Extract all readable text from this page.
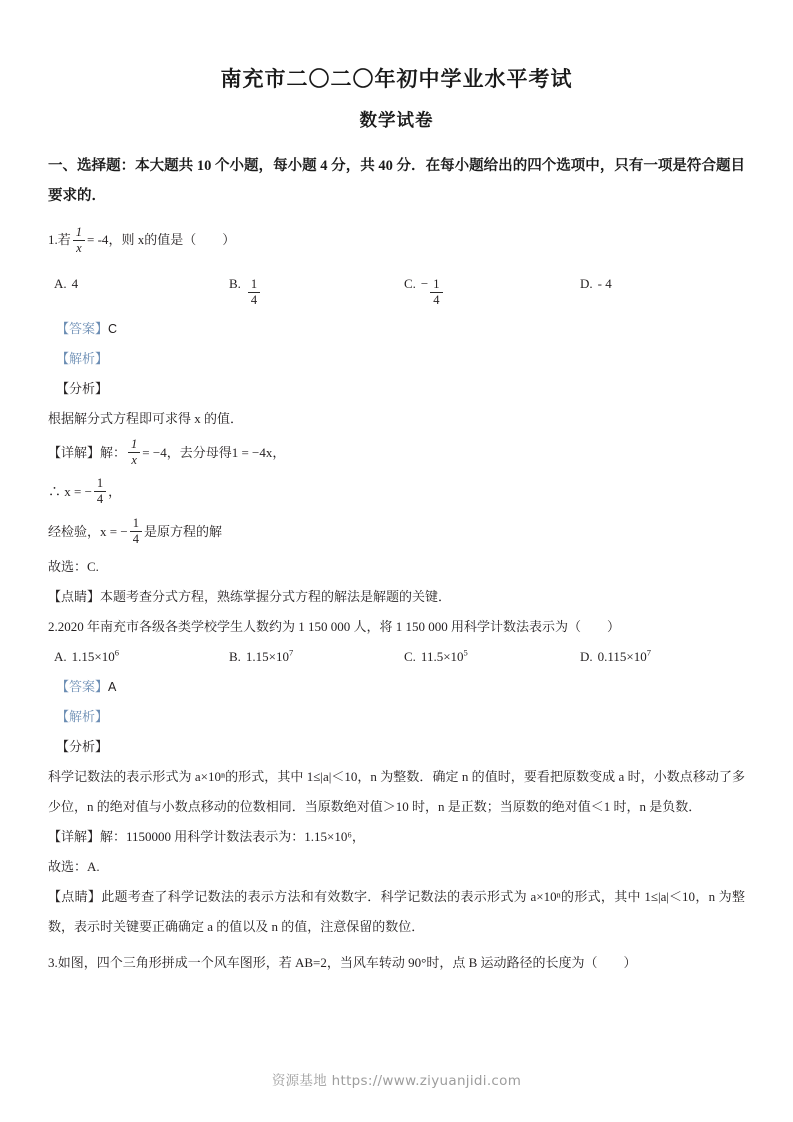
南充市二〇二〇年初中学业水平考试
数学试卷
一、选择题：本大题共 10 个小题，每小题 4 分，共 40 分．在每小题给出的四个选项中，只有一项是符合题目要求的．
1.若 $\frac{1}{x} = -4$，则 x的值是（　　）
A. 4	B. $\frac{1}{4}$	C. − $\frac{1}{4}$	D. - 4
【答案】C
【解析】
【分析】
根据解分式方程即可求得 x 的值．
【详解】解： $\frac{1}{x} = -4$，去分母得1 = −4x，
∴ x = − $\frac{1}{4}$ ，
经检验，x = − $\frac{1}{4}$ 是原方程的解
故选：C.
【点睛】本题考查分式方程，熟练掌握分式方程的解法是解题的关键．
2.2020 年南充市各级各类学校学生人数约为 1 150 000 人，将 1 150 000 用科学计数法表示为（　　）
A. $1.15\times 10^6$	B. $1.15\times 10^7$	C. $11.5\times 10^5$	D. $0.115\times 10^7$
【答案】A
【解析】
【分析】
科学记数法的表示形式为 a×10ⁿ的形式，其中 1≤|a|＜10，n 为整数．确定 n 的值时，要看把原数变成 a 时，小数点移动了多少位，n 的绝对值与小数点移动的位数相同．当原数绝对值＞10 时，n 是正数；当原数的绝对值＜1 时，n 是负数．
【详解】解：1150000 用科学计数法表示为：1.15×10⁶，
故选：A.
【点睛】此题考查了科学记数法的表示方法和有效数字．科学记数法的表示形式为 a×10ⁿ的形式，其中 1≤|a|＜10，n 为整数，表示时关键要正确确定 a 的值以及 n 的值，注意保留的数位．
3.如图，四个三角形拼成一个风车图形，若 AB=2，当风车转动 90°时，点 B 运动路径的长度为（　　）
资源基地 https://www.ziyuanjidi.com
